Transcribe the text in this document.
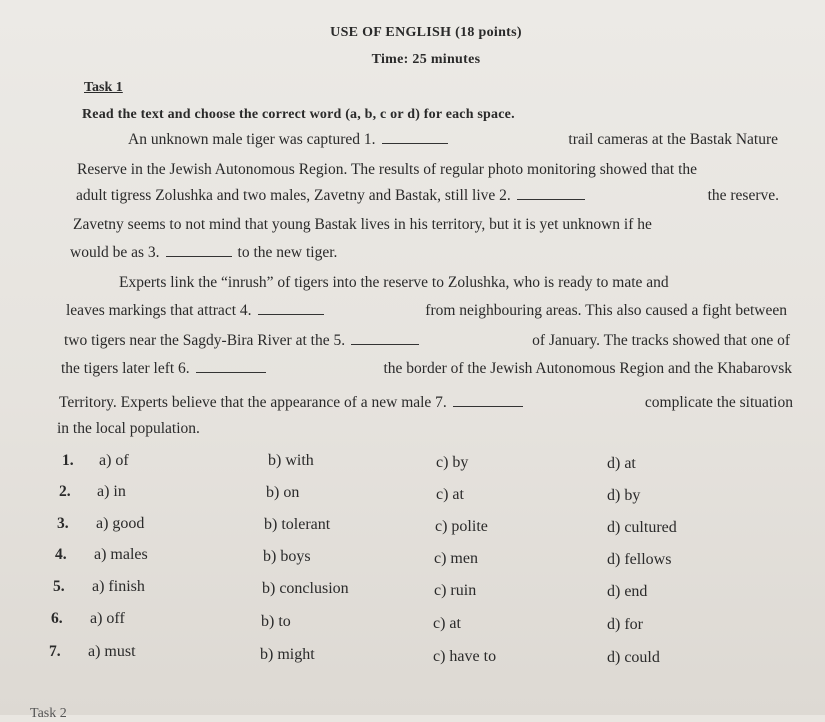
USE OF ENGLISH (18 points)
Time: 25 minutes
Task 1
Read the text and choose the correct word (a, b, c or d) for each space.
An unknown male tiger was captured 1.	trail cameras at the Bastak Nature
Reserve in the Jewish Autonomous Region. The results of regular photo monitoring showed that the
adult tigress Zolushka and two males, Zavetny and Bastak, still live 2.	the reserve.
Zavetny seems to not mind that young Bastak lives in his territory, but it is yet unknown if he
would be as 3.	to the new tiger.
Experts link the “inrush” of tigers into the reserve to Zolushka, who is ready to mate and
leaves markings that attract 4.	from neighbouring areas. This also caused a fight between
two tigers near the Sagdy-Bira River at the 5.	of January. The tracks showed that one of
the tigers later left 6.	the border of the Jewish Autonomous Region and the Khabarovsk
Territory. Experts believe that the appearance of a new male 7.	complicate the situation
in the local population.
1. a) of	b) with	c) by	d) at
2. a) in	b) on	c) at	d) by
3. a) good	b) tolerant	c) polite	d) cultured
4. a) males	b) boys	c) men	d) fellows
5. a) finish	b) conclusion	c) ruin	d) end
6. a) off	b) to	c) at	d) for
7. a) must	b) might	c) have to	d) could
Task 2
